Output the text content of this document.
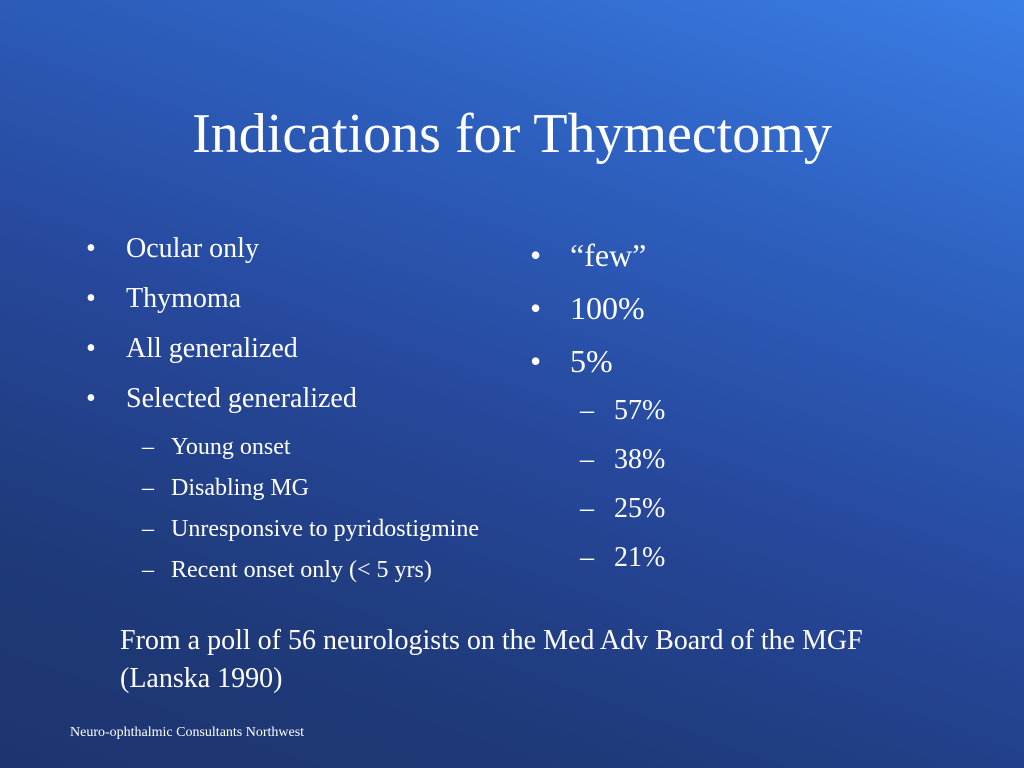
Indications for Thymectomy
• Ocular only
• Thymoma
• All generalized
• Selected generalized
– Young onset
– Disabling MG
– Unresponsive to pyridostigmine
– Recent onset only (< 5 yrs)
• “few”
• 100%
• 5%
– 57%
– 38%
– 25%
– 21%
From a poll of 56 neurologists on the Med Adv Board of the MGF (Lanska 1990)
Neuro-ophthalmic Consultants Northwest
